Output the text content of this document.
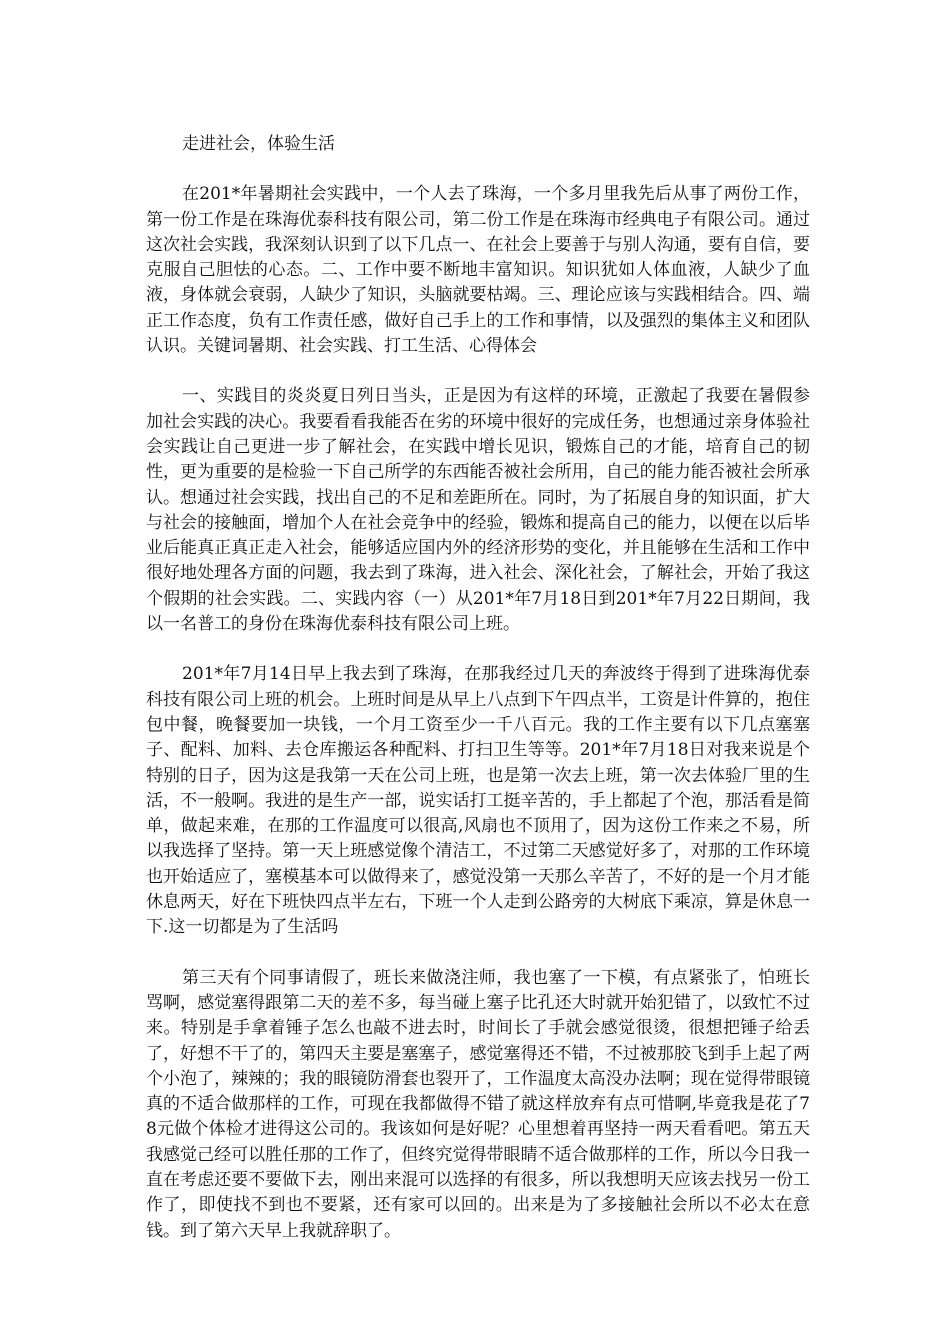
走进社会，体验生活

在201*年暑期社会实践中，一个人去了珠海，一个多月里我先后从事了两份工作，第一份工作是在珠海优泰科技有限公司，第二份工作是在珠海市经典电子有限公司。通过这次社会实践，我深刻认识到了以下几点一、在社会上要善于与别人沟通，要有自信，要克服自己胆怯的心态。二、工作中要不断地丰富知识。知识犹如人体血液，人缺少了血液，身体就会衰弱，人缺少了知识，头脑就要枯竭。三、理论应该与实践相结合。四、端正工作态度，负有工作责任感，做好自己手上的工作和事情，以及强烈的集体主义和团队认识。关键词暑期、社会实践、打工生活、心得体会

一、实践目的炎炎夏日列日当头，正是因为有这样的环境，正激起了我要在暑假参加社会实践的决心。我要看看我能否在劣的环境中很好的完成任务，也想通过亲身体验社会实践让自己更进一步了解社会，在实践中增长见识，锻炼自己的才能，培育自己的韧性，更为重要的是检验一下自己所学的东西能否被社会所用，自己的能力能否被社会所承认。想通过社会实践，找出自己的不足和差距所在。同时，为了拓展自身的知识面，扩大与社会的接触面，增加个人在社会竞争中的经验，锻炼和提高自己的能力，以便在以后毕业后能真正真正走入社会，能够适应国内外的经济形势的变化，并且能够在生活和工作中很好地处理各方面的问题，我去到了珠海，进入社会、深化社会，了解社会，开始了我这个假期的社会实践。二、实践内容（一）从201*年7月18日到201*年7月22日期间，我以一名普工的身份在珠海优泰科技有限公司上班。

201*年7月14日早上我去到了珠海，在那我经过几天的奔波终于得到了进珠海优泰科技有限公司上班的机会。上班时间是从早上八点到下午四点半，工资是计件算的，抱住包中餐，晚餐要加一块钱，一个月工资至少一千八百元。我的工作主要有以下几点塞塞子、配料、加料、去仓库搬运各种配料、打扫卫生等等。201*年7月18日对我来说是个特别的日子，因为这是我第一天在公司上班，也是第一次去上班，第一次去体验厂里的生活，不一般啊。我进的是生产一部，说实话打工挺辛苦的，手上都起了个泡，那活看是简单，做起来难，在那的工作温度可以很高,风扇也不顶用了，因为这份工作来之不易，所以我选择了坚持。第一天上班感觉像个清洁工，不过第二天感觉好多了，对那的工作环境也开始适应了，塞模基本可以做得来了，感觉没第一天那么辛苦了，不好的是一个月才能休息两天，好在下班快四点半左右，下班一个人走到公路旁的大树底下乘凉，算是休息一下.这一切都是为了生活吗

第三天有个同事请假了，班长来做浇注师，我也塞了一下模，有点紧张了，怕班长骂啊，感觉塞得跟第二天的差不多，每当碰上塞子比孔还大时就开始犯错了，以致忙不过来。特别是手拿着锤子怎么也敲不进去时，时间长了手就会感觉很烫，很想把锤子给丢了，好想不干了的，第四天主要是塞塞子，感觉塞得还不错，不过被那胶飞到手上起了两个小泡了，辣辣的；我的眼镜防滑套也裂开了，工作温度太高没办法啊；现在觉得带眼镜真的不适合做那样的工作，可现在我都做得不错了就这样放弃有点可惜啊,毕竟我是花了78元做个体检才进得这公司的。我该如何是好呢？心里想着再坚持一两天看看吧。第五天我感觉己经可以胜任那的工作了，但终究觉得带眼睛不适合做那样的工作，所以今日我一直在考虑还要不要做下去，刚出来混可以选择的有很多，所以我想明天应该去找另一份工作了，即使找不到也不要紧，还有家可以回的。出来是为了多接触社会所以不必太在意钱。到了第六天早上我就辞职了。
